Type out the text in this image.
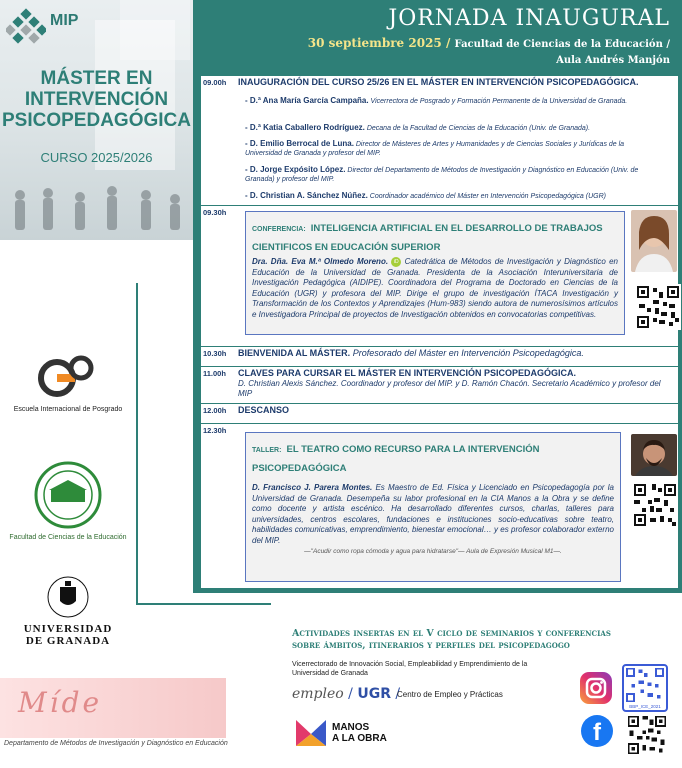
MIP
MÁSTER EN
INTERVENCIÓN
PSICOPEDAGÓGICA
CURSO 2025/2026
Escuela Internacional de Posgrado
Facultad de Ciencias de la Educación
UNIVERSIDAD
DE GRANADA
Míde
Departamento de Métodos de Investigación y Diagnóstico en Educación
JORNADA INAUGURAL
30 septiembre 2025 / Facultad de Ciencias de la Educación /
Aula Andrés Manjón
09.00h INAUGURACIÓN DEL CURSO 25/26 EN EL MÁSTER EN INTERVENCIÓN PSICOPEDAGÓGICA.
- D.ª Ana María García Campaña. Vicerrectora de Posgrado y Formación Permanente de la Universidad de Granada.
- D.ª Katia Caballero Rodríguez. Decana de la Facultad de Ciencias de la Educación (Univ. de Granada).
- D. Emilio Berrocal de Luna. Director de Másteres de Artes y Humanidades y de Ciencias Sociales y Jurídicas de la Universidad de Granada y profesor del MIP.
- D. Jorge Expósito López. Director del Departamento de Métodos de Investigación y Diagnóstico en Educación (Univ. de Granada) y profesor del MIP.
- D. Christian A. Sánchez Núñez. Coordinador académico del Máster en Intervención Psicopedagógica (UGR)
09.30h
CONFERENCIA: INTELIGENCIA ARTIFICIAL EN EL DESARROLLO DE TRABAJOS CIENTIFICOS EN EDUCACIÓN SUPERIOR
Dra. Dña. Eva M.ª Olmedo Moreno. iD Catedrática de Métodos de Investigación y Diagnóstico en Educación de la Universidad de Granada. Presidenta de la Asociación Interuniversitaria de Investigación Pedagógica (AIDIPE). Coordinadora del Programa de Doctorado en Ciencias de la Educación (UGR) y profesora del MIP. Dirige el grupo de investigación ÍTACA Investigación y Transformación de los Contextos y Aprendizajes (Hum-983) siendo autora de numerosísimos artículos e Investigadora Principal de proyectos de Investigación obtenidos en convocatorias competitivas.
10.30h BIENVENIDA AL MÁSTER. Profesorado del Máster en Intervención Psicopedagógica.
11.00h CLAVES PARA CURSAR EL MÁSTER EN INTERVENCIÓN PSICOPEDAGÓGICA.
D. Christian Alexis Sánchez. Coordinador y profesor del MIP. y D. Ramón Chacón. Secretario Académico y profesor del MIP
12.00h DESCANSO
12.30h
TALLER: EL TEATRO COMO RECURSO PARA LA INTERVENCIÓN PSICOPEDAGÓGICA
D. Francisco J. Parera Montes. Es Maestro de Ed. Física y Licenciado en Psicopedagogía por la Universidad de Granada. Desempeña su labor profesional en la CIA Manos a la Obra y se define como docente y artista escénico. Ha desarrollado diferentes cursos, charlas, talleres para universidades, centros escolares, fundaciones e instituciones socio-educativas sobre teatro, habilidades comunicativas, emprendimiento, bienestar emocional… y es profesor colaborador externo del MIP.
—"Acudir como ropa cómoda y agua para hidratarse"— Aula de Expresión Musical M1—.
Actividades insertas en el V ciclo de seminarios y conferencias
sobre ámbitos, itinerarios y perfiles del psicopedagogo
Vicerrectorado de Innovación Social, Empleabilidad y Emprendimiento de la Universidad de Granada
empleo / UGR /
Centro de Empleo y Prácticas
MANOS
A LA OBRA	f
BBP_ICE_2021
